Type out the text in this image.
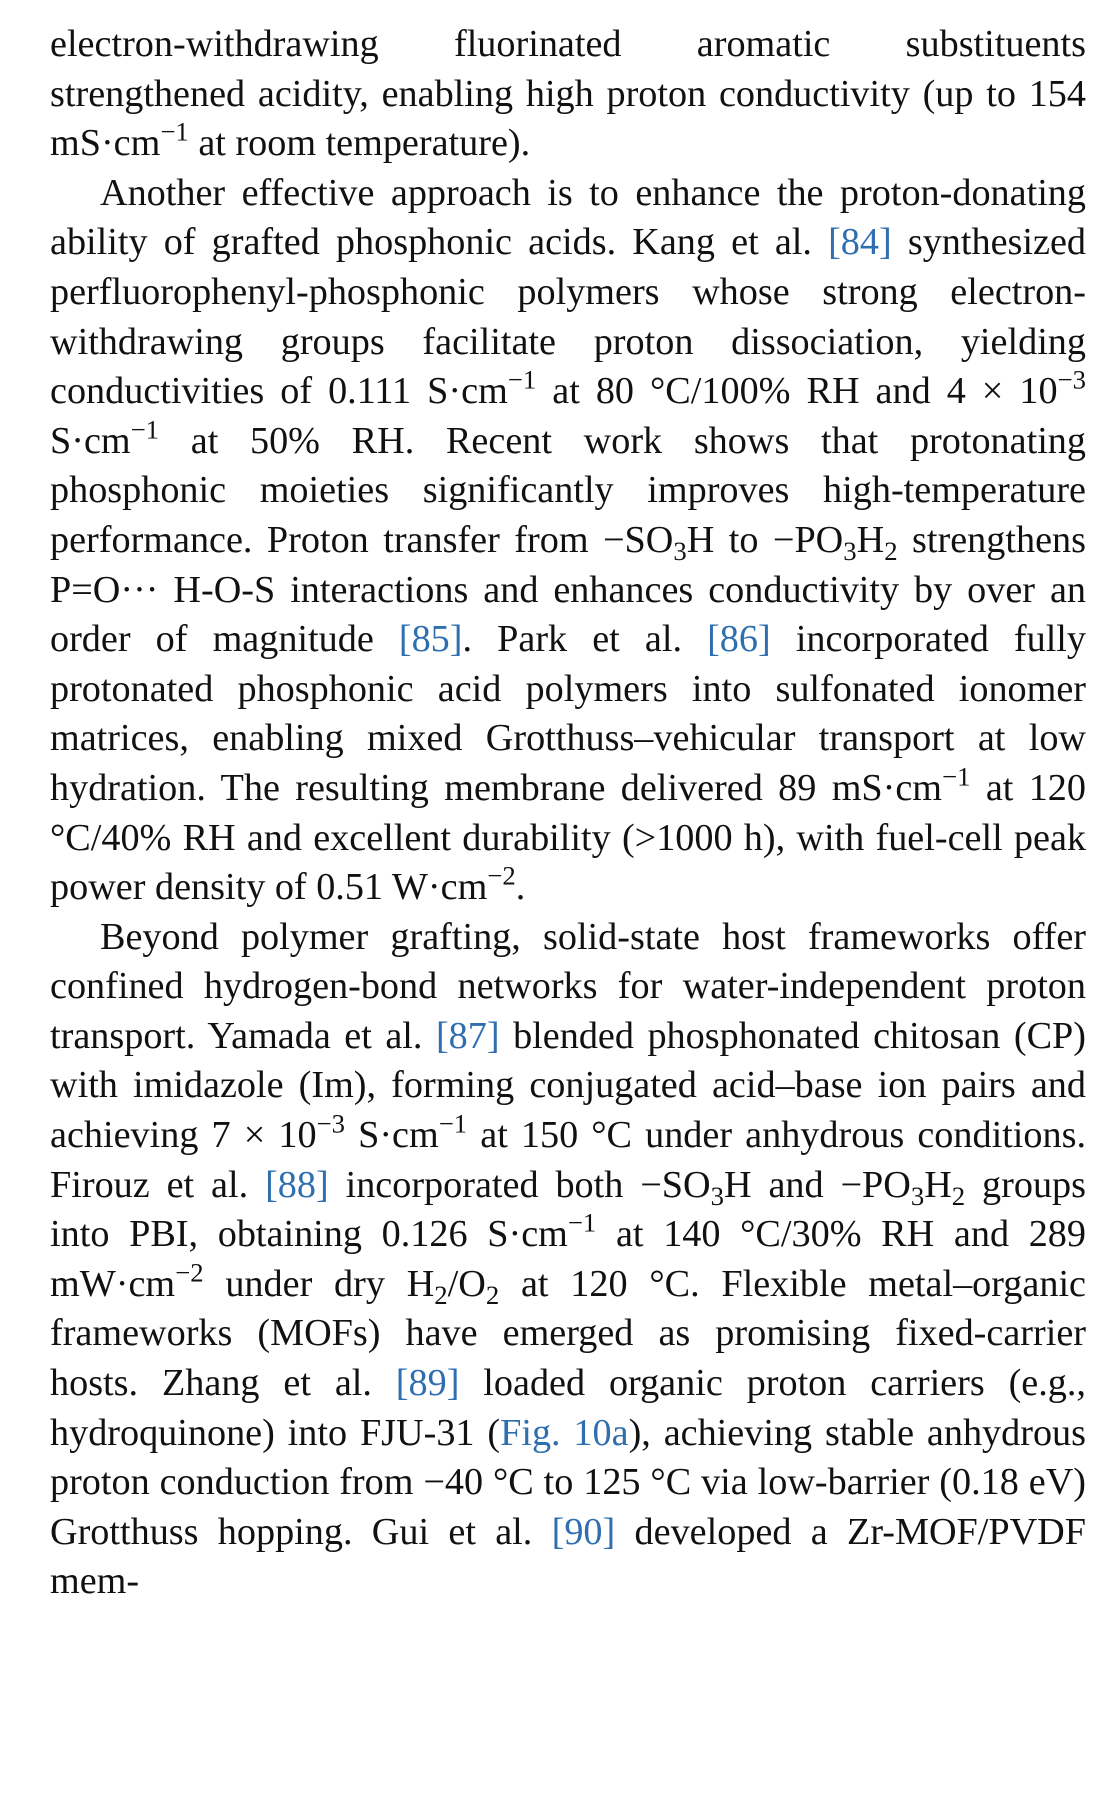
electron-withdrawing fluorinated aromatic substituents strengthened acidity, enabling high proton conductivity (up to 154 $mS\cdot cm^{-1}$ at room temperature).

Another effective approach is to enhance the proton-donating ability of grafted phosphonic acids. Kang et al. [84] synthesized perfluorophenyl-phosphonic polymers whose strong electron-withdrawing groups facilitate proton dissociation, yielding conductivities of 0.111 $S\cdot cm^{-1}$ at 80 °C/100% RH and $4 \times 10^{-3}$ $S\cdot cm^{-1}$ at 50% RH. Recent work shows that protonating phosphonic moieties significantly improves high-temperature performance. Proton transfer from $-SO_3H$ to $-PO_3H_2$ strengthens P=O··· H-O-S interactions and enhances conductivity by over an order of magnitude [85]. Park et al. [86] incorporated fully protonated phosphonic acid polymers into sulfonated ionomer matrices, enabling mixed Grotthuss–vehicular transport at low hydration. The resulting membrane delivered 89 $mS\cdot cm^{-1}$ at 120 °C/40% RH and excellent durability (>1000 h), with fuel-cell peak power density of 0.51 $W\cdot cm^{-2}$.

Beyond polymer grafting, solid-state host frameworks offer confined hydrogen-bond networks for water-independent proton transport. Yamada et al. [87] blended phosphonated chitosan (CP) with imidazole (Im), forming conjugated acid–base ion pairs and achieving $7 \times 10^{-3}$ $S\cdot cm^{-1}$ at 150 °C under anhydrous conditions. Firouz et al. [88] incorporated both $-SO_3H$ and $-PO_3H_2$ groups into PBI, obtaining 0.126 $S\cdot cm^{-1}$ at 140 °C/30% RH and 289 $mW\cdot cm^{-2}$ under dry $H_2/O_2$ at 120 °C. Flexible metal–organic frameworks (MOFs) have emerged as promising fixed-carrier hosts. Zhang et al. [89] loaded organic proton carriers (e.g., hydroquinone) into FJU-31 (Fig. 10a), achieving stable anhydrous proton conduction from −40 °C to 125 °C via low-barrier (0.18 eV) Grotthuss hopping. Gui et al. [90] developed a Zr-MOF/PVDF mem-
